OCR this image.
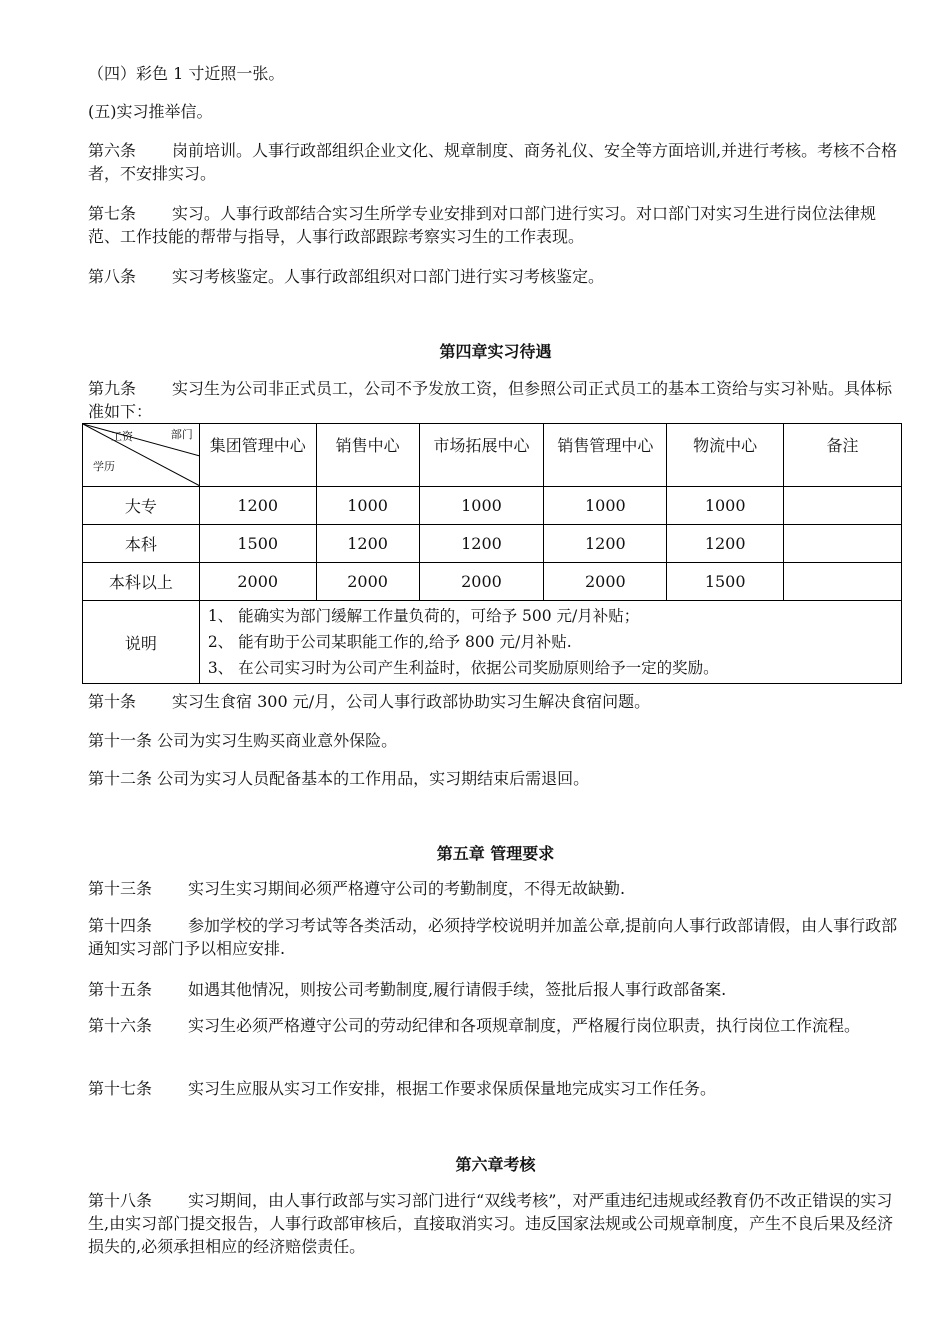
（四）彩色 1 寸近照一张。
(五)实习推举信。
第六条 岗前培训。人事行政部组织企业文化、规章制度、商务礼仪、安全等方面培训,并进行考核。考核不合格者，不安排实习。
第七条 实习。人事行政部结合实习生所学专业安排到对口部门进行实习。对口部门对实习生进行岗位法律规范、工作技能的帮带与指导，人事行政部跟踪考察实习生的工作表现。
第八条 实习考核鉴定。人事行政部组织对口部门进行实习考核鉴定。
第四章实习待遇
第九条 实习生为公司非正式员工，公司不予发放工资，但参照公司正式员工的基本工资给与实习补贴。具体标准如下：
工资 部门
学历	集团管理中心	销售中心	市场拓展中心	销售管理中心	物流中心	备注

大专	1200	1000	1000	1000	1000	
本科	1500	1200	1200	1200	1200	
本科以上	2000	2000	2000	2000	1500	
说明	1、 能确实为部门缓解工作量负荷的，可给予 500 元/月补贴；
2、 能有助于公司某职能工作的,给予 800 元/月补贴.
3、 在公司实习时为公司产生利益时，依据公司奖励原则给予一定的奖励。					
第十条 实习生食宿 300 元/月，公司人事行政部协助实习生解决食宿问题。
第十一条 公司为实习生购买商业意外保险。
第十二条 公司为实习人员配备基本的工作用品，实习期结束后需退回。
第五章 管理要求
第十三条 实习生实习期间必须严格遵守公司的考勤制度，不得无故缺勤.
第十四条 参加学校的学习考试等各类活动，必须持学校说明并加盖公章,提前向人事行政部请假，由人事行政部通知实习部门予以相应安排.
第十五条 如遇其他情况，则按公司考勤制度,履行请假手续，签批后报人事行政部备案.
第十六条 实习生必须严格遵守公司的劳动纪律和各项规章制度，严格履行岗位职责，执行岗位工作流程。
第十七条 实习生应服从实习工作安排，根据工作要求保质保量地完成实习工作任务。
第六章考核
第十八条 实习期间，由人事行政部与实习部门进行“双线考核”，对严重违纪违规或经教育仍不改正错误的实习生,由实习部门提交报告，人事行政部审核后，直接取消实习。违反国家法规或公司规章制度，产生不良后果及经济损失的,必须承担相应的经济赔偿责任。
